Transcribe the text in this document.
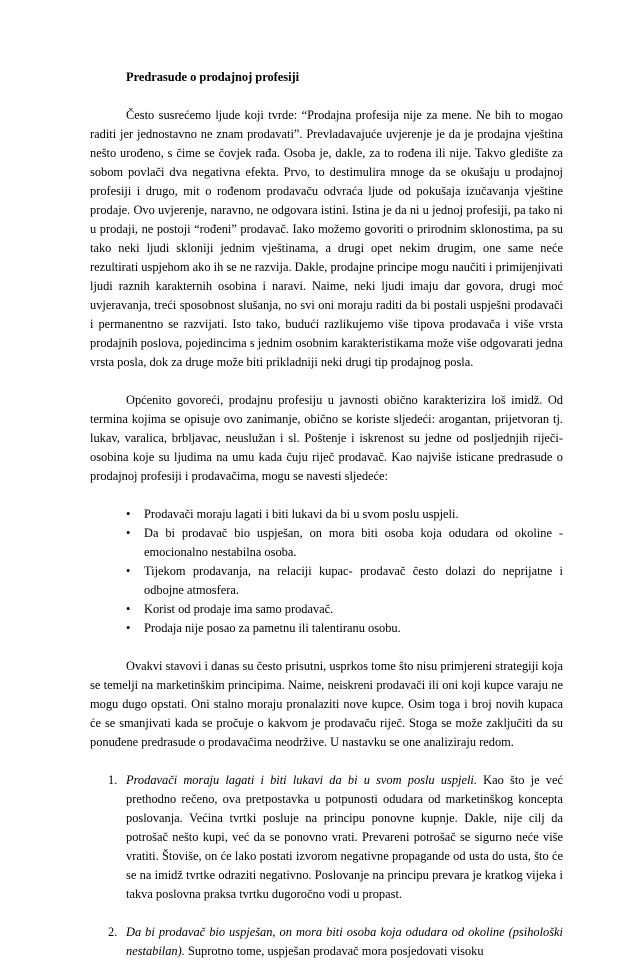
Predrasude o prodajnoj profesiji

Često susrećemo ljude koji tvrde: “Prodajna profesija nije za mene. Ne bih to mogao raditi jer jednostavno ne znam prodavati”. Prevladavajuće uvjerenje je da je prodajna vještina nešto urođeno, s čime se čovjek rađa. Osoba je, dakle, za to rođena ili nije. Takvo gledište za sobom povlači dva negativna efekta. Prvo, to destimulira mnoge da se okušaju u prodajnoj profesiji i drugo, mit o rođenom prodavaču odvraća ljude od pokušaja izučavanja vještine prodaje. Ovo uvjerenje, naravno, ne odgovara istini. Istina je da ni u jednoj profesiji, pa tako ni u prodaji, ne postoji “rođeni” prodavač. Iako možemo govoriti o prirodnim sklonostima, pa su tako neki ljudi skloniji jednim vještinama, a drugi opet nekim drugim, one same neće rezultirati uspjehom ako ih se ne razvija. Dakle, prodajne principe mogu naučiti i primijenjivati ljudi raznih karakternih osobina i naravi. Naime, neki ljudi imaju dar govora, drugi moć uvjeravanja, treći sposobnost slušanja, no svi oni moraju raditi da bi postali uspješni prodavači i permanentno se razvijati. Isto tako, budući razlikujemo više tipova prodavača i više vrsta prodajnih poslova, pojedincima s jednim osobnim karakteristikama može više odgovarati jedna vrsta posla, dok za druge može biti prikladniji neki drugi tip prodajnog posla.

Općenito govoreći, prodajnu profesiju u javnosti obično karakterizira loš imidž. Od termina kojima se opisuje ovo zanimanje, obično se koriste sljedeći: arogantan, prijetvoran tj. lukav, varalica, brbljavac, neuslužan i sl. Poštenje i iskrenost su jedne od posljednjih riječi-osobina koje su ljudima na umu kada čuju riječ prodavač. Kao najviše isticane predrasude o prodajnoj profesiji i prodavačima, mogu se navesti sljedeće:

• Prodavači moraju lagati i biti lukavi da bi u svom poslu uspjeli.
• Da bi prodavač bio uspješan, on mora biti osoba koja odudara od okoline - emocionalno nestabilna osoba.
• Tijekom prodavanja, na relaciji kupac- prodavač često dolazi do neprijatne i odbojne atmosfera.
• Korist od prodaje ima samo prodavač.
• Prodaja nije posao za pametnu ili talentiranu osobu.

Ovakvi stavovi i danas su često prisutni, usprkos tome što nisu primjereni strategiji koja se temelji na marketinškim principima. Naime, neiskreni prodavači ili oni koji kupce varaju ne mogu dugo opstati. Oni stalno moraju pronalaziti nove kupce. Osim toga i broj novih kupaca će se smanjivati kada se pročuje o kakvom je prodavaču riječ. Stoga se može zaključiti da su ponuđene predrasude o prodavačima neodržive. U nastavku se one analiziraju redom.

1. Prodavači moraju lagati i biti lukavi da bi u svom poslu uspjeli. Kao što je već prethodno rečeno, ova pretpostavka u potpunosti odudara od marketinškog koncepta poslovanja. Većina tvrtki posluje na principu ponovne kupnje. Dakle, nije cilj da potrošač nešto kupi, već da se ponovno vrati. Prevareni potrošač se sigurno neće više vratiti. Štoviše, on će lako postati izvorom negativne propagande od usta do usta, što će se na imidž tvrtke odraziti negativno. Poslovanje na principu prevara je kratkog vijeka i takva poslovna praksa tvrtku dugoročno vodi u propast.
2. Da bi prodavač bio uspješan, on mora biti osoba koja odudara od okoline (psihološki nestabilan). Suprotno tome, uspješan prodavač mora posjedovati visoku
